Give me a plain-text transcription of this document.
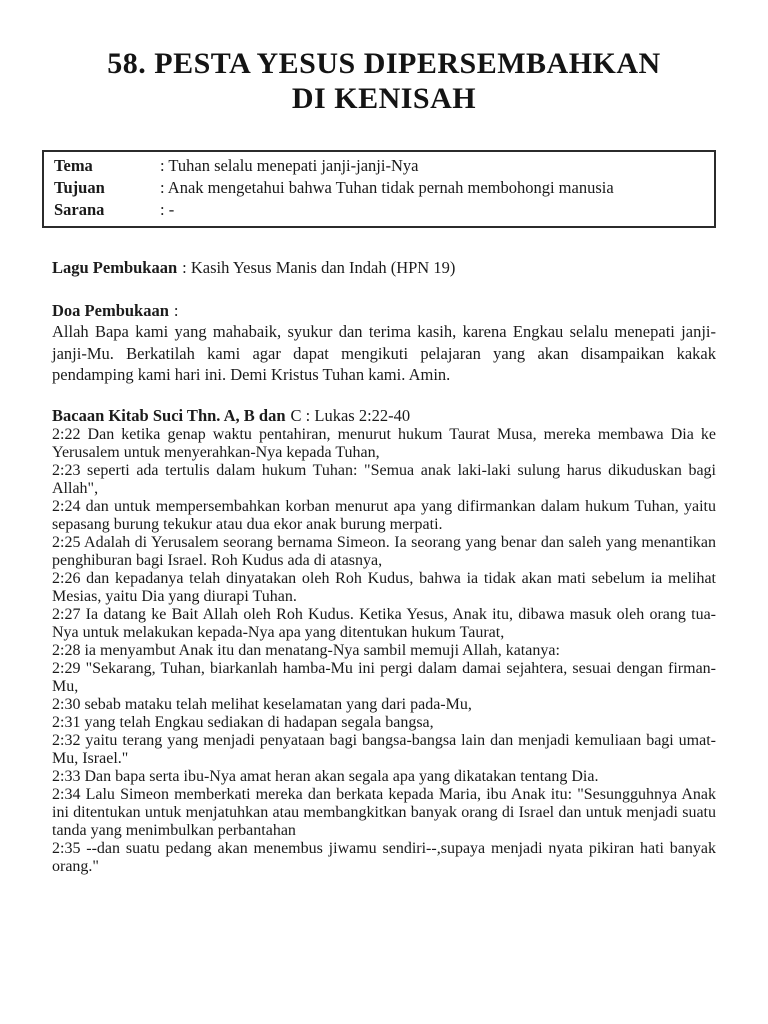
58. PESTA YESUS DIPERSEMBAHKAN
DI KENISAH
Tema	: Tuhan selalu menepati janji-janji-Nya
Tujuan	: Anak mengetahui bahwa Tuhan tidak pernah membohongi manusia
Sarana	: -

Lagu Pembukaan : Kasih Yesus Manis dan Indah (HPN 19)

Doa Pembukaan :

Allah Bapa kami yang mahabaik, syukur dan terima kasih, karena Engkau selalu menepati janji-janji-Mu. Berkatilah kami agar dapat mengikuti pelajaran yang akan disampaikan kakak pendamping kami hari ini. Demi Kristus Tuhan kami. Amin.

Bacaan Kitab Suci Thn. A, B dan C : Lukas 2:22-40

2:22 Dan ketika genap waktu pentahiran, menurut hukum Taurat Musa, mereka membawa Dia ke Yerusalem untuk menyerahkan-Nya kepada Tuhan,

2:23 seperti ada tertulis dalam hukum Tuhan: "Semua anak laki-laki sulung harus dikuduskan bagi Allah",

2:24 dan untuk mempersembahkan korban menurut apa yang difirmankan dalam hukum Tuhan, yaitu sepasang burung tekukur atau dua ekor anak burung merpati.

2:25 Adalah di Yerusalem seorang bernama Simeon. Ia seorang yang benar dan saleh yang menantikan penghiburan bagi Israel. Roh Kudus ada di atasnya,

2:26 dan kepadanya telah dinyatakan oleh Roh Kudus, bahwa ia tidak akan mati sebelum ia melihat Mesias, yaitu Dia yang diurapi Tuhan.

2:27 Ia datang ke Bait Allah oleh Roh Kudus. Ketika Yesus, Anak itu, dibawa masuk oleh orang tua-Nya untuk melakukan kepada-Nya apa yang ditentukan hukum Taurat,

2:28 ia menyambut Anak itu dan menatang-Nya sambil memuji Allah, katanya:

2:29 "Sekarang, Tuhan, biarkanlah hamba-Mu ini pergi dalam damai sejahtera, sesuai dengan firman-Mu,

2:30 sebab mataku telah melihat keselamatan yang dari pada-Mu,

2:31 yang telah Engkau sediakan di hadapan segala bangsa,

2:32 yaitu terang yang menjadi penyataan bagi bangsa-bangsa lain dan menjadi kemuliaan bagi umat-Mu, Israel."

2:33 Dan bapa serta ibu-Nya amat heran akan segala apa yang dikatakan tentang Dia.

2:34 Lalu Simeon memberkati mereka dan berkata kepada Maria, ibu Anak itu: "Sesungguhnya Anak ini ditentukan untuk menjatuhkan atau membangkitkan banyak orang di Israel dan untuk menjadi suatu tanda yang menimbulkan perbantahan

2:35 --dan suatu pedang akan menembus jiwamu sendiri--,supaya menjadi nyata pikiran hati banyak orang."
